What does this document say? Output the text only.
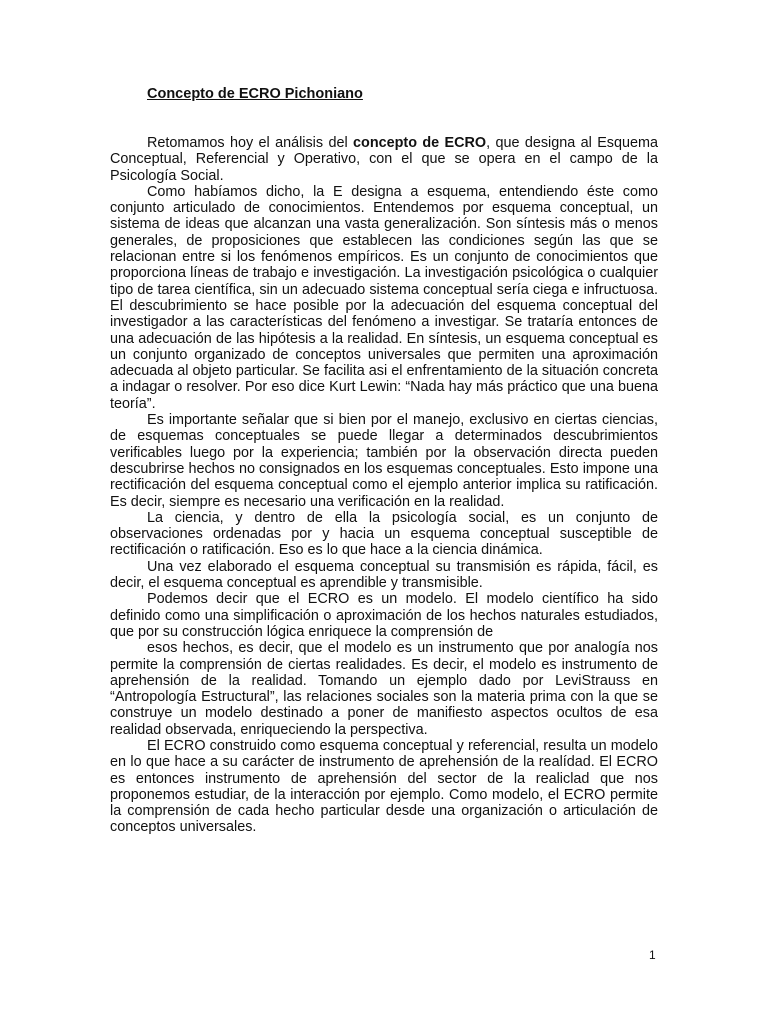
Concepto de ECRO Pichoniano

Retomamos hoy el análisis del concepto de ECRO, que designa al Esquema Conceptual, Referencial y Operativo, con el que se opera en el campo de la Psicología Social.

Como habíamos dicho, la E designa a esquema, entendiendo éste como conjunto articulado de conocimientos. Entendemos por esquema conceptual, un sistema de ideas que alcanzan una vasta generalización. Son síntesis más o menos generales, de proposiciones que establecen las condiciones según las que se relacionan entre si los fenómenos empíricos. Es un conjunto de conocimientos que proporciona líneas de trabajo e investigación. La investigación psicológica o cualquier tipo de tarea científica, sin un adecuado sistema conceptual sería ciega e infructuosa. El descubrimiento se hace posible por la adecuación del esquema conceptual del investigador a las características del fenómeno a investigar. Se trataría entonces de una adecuación de las hipótesis a la realidad. En síntesis, un esquema conceptual es un conjunto organizado de conceptos universales que permiten una aproximación adecuada al objeto particular. Se facilita asi el enfrentamiento de la situación concreta a indagar o resolver. Por eso dice Kurt Lewin: “Nada hay más práctico que una buena teoría”.

Es importante señalar que si bien por el manejo, exclusivo en ciertas ciencias, de esquemas conceptuales se puede llegar a determinados descubrimientos verificables luego por la experiencia; también por la observación directa pueden descubrirse hechos no consignados en los esquemas conceptuales. Esto impone una rectificación del esquema conceptual como el ejemplo anterior implica su ratificación. Es decir, siempre es necesario una verificación en la realidad.

La ciencia, y dentro de ella la psicología social, es un conjunto de observaciones ordenadas por y hacia un esquema conceptual susceptible de rectificación o ratificación. Eso es lo que hace a la ciencia dinámica.

Una vez elaborado el esquema conceptual su transmisión es rápida, fácil, es decir, el esquema conceptual es aprendible y transmisible.

Podemos decir que el ECRO es un modelo. El modelo científico ha sido definido como una simplificación o aproximación de los hechos naturales estudiados, que por su construcción lógica enriquece la comprensión de

esos hechos, es decir, que el modelo es un instrumento que por analogía nos permite la comprensión de ciertas realidades. Es decir, el modelo es instrumento de aprehensión de la realidad. Tomando un ejemplo dado por LeviStrauss en “Antropología Estructural”, las relaciones sociales son la materia prima con la que se construye un modelo destinado a poner de manifiesto aspectos ocultos de esa realidad observada, enriqueciendo la perspectiva.

El ECRO construido como esquema conceptual y referencial, resulta un modelo en lo que hace a su carácter de instrumento de aprehensión de la realídad. El ECRO es entonces instrumento de aprehensión del sector de la realiclad que nos proponemos estudiar, de la interacción por ejemplo. Como modelo, el ECRO permite la comprensión de cada hecho particular desde una organización o articulación de conceptos universales.

1
